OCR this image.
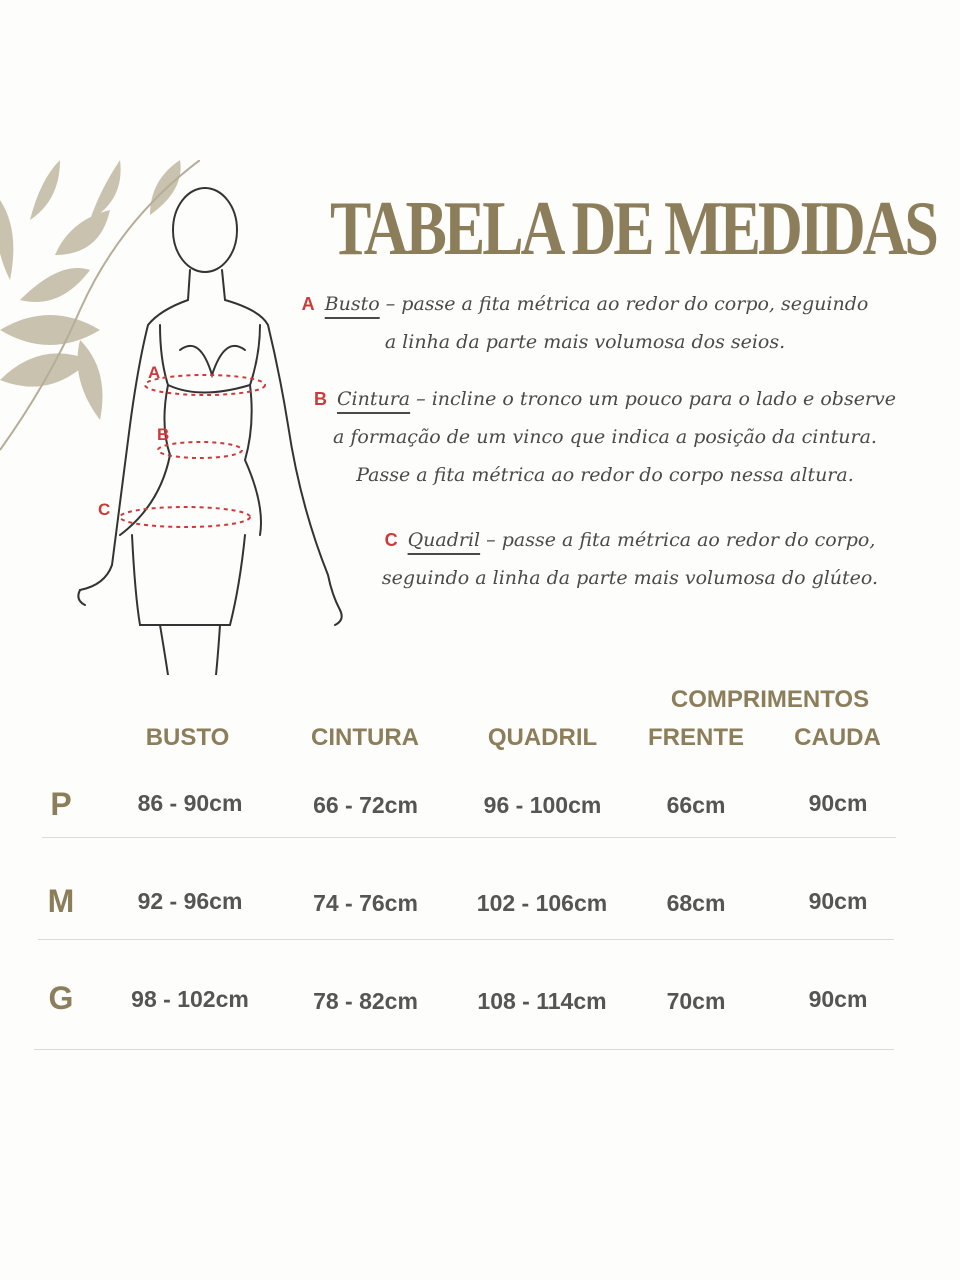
A
B
C
TABELA DE MEDIDAS
A Busto – passe a fita métrica ao redor do corpo, seguindo
a linha da parte mais volumosa dos seios.
B Cintura – incline o tronco um pouco para o lado e observe
a formação de um vinco que indica a posição da cintura.
Passe a fita métrica ao redor do corpo nessa altura.
C Quadril – passe a fita métrica ao redor do corpo,
seguindo a linha da parte mais volumosa do glúteo.
COMPRIMENTOS
BUSTO	CINTURA	QUADRIL	FRENTE	CAUDA
P	86 - 90cm	66 - 72cm	96 - 100cm	66cm	90cm
M	92 - 96cm	74 - 76cm	102 - 106cm	68cm	90cm
G	98 - 102cm	78 - 82cm	108 - 114cm	70cm	90cm
